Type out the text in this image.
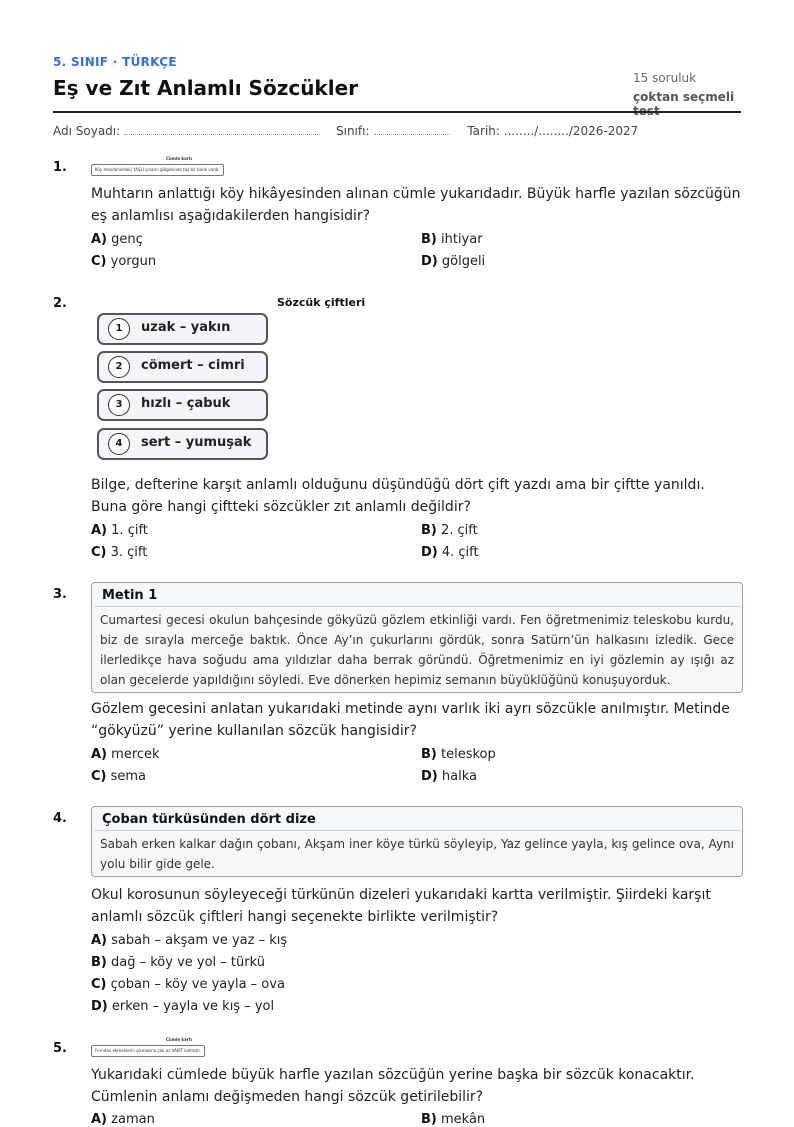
5. SINIF · TÜRKÇE
Eş ve Zıt Anlamlı Sözcükler	15 soruluk
çoktan seçmeli
Adı Soyadı:	Sınıfı:	Tarih: ......../......../2026-2027
1.
Cümle kartı
Köy meydanındaki YAŞLI çınarın gölgesinde taş bir bank vardı.
Muhtarın anlattığı köy hikâyesinden alınan cümle yukarıdadır. Büyük harfle yazılan sözcüğün eş anlamlısı aşağıdakilerden hangisidir?
A) genç	B) ihtiyar
C) yorgun	D) gölgeli
2.	Sözcük çiftleri
1	uzak – yakın
2	cömert – cimri
3	hızlı – çabuk
4	sert – yumuşak
Bilge, defterine karşıt anlamlı olduğunu düşündüğü dört çift yazdı ama bir çiftte yanıldı. Buna göre hangi çiftteki sözcükler zıt anlamlı değildir?
A) 1. çift	B) 2. çift
C) 3. çift	D) 4. çift
3.	Metin 1
Cumartesi gecesi okulun bahçesinde gökyüzü gözlem etkinliği vardı. Fen öğretmenimiz teleskobu kurdu, biz de sırayla merceğe baktık. Önce Ay’ın çukurlarını gördük, sonra Satürn’ün halkasını izledik. Gece ilerledikçe hava soğudu ama yıldızlar daha berrak göründü. Öğretmenimiz en iyi gözlemin ay ışığı az olan gecelerde yapıldığını söyledi. Eve dönerken hepimiz semanın büyüklüğünü konuşuyorduk.
Gözlem gecesini anlatan yukarıdaki metinde aynı varlık iki ayrı sözcükle anılmıştır. Metinde “gökyüzü” yerine kullanılan sözcük hangisidir?
A) mercek	B) teleskop
C) sema	D) halka
4.	Çoban türküsünden dört dize
Sabah erken kalkar dağın çobanı, Akşam iner köye türkü söyleyip, Yaz gelince yayla, kış gelince ova, Aynı yolu bilir gide gele.
Okul korosunun söyleyeceği türkünün dizeleri yukarıdaki kartta verilmiştir. Şiirdeki karşıt anlamlı sözcük çiftleri hangi seçenekte birlikte verilmiştir?
A) sabah – akşam ve yaz – kış
B) dağ – köy ve yol – türkü
C) çoban – köy ve yayla – ova
D) erken – yayla ve kış – yol
5.
Cümle kartı
Fırından ekmeklerin çıkmasına çok az VAKİT kalmıştı.
Yukarıdaki cümlede büyük harfle yazılan sözcüğün yerine başka bir sözcük konacaktır. Cümlenin anlamı değişmeden hangi sözcük getirilebilir?
A) zaman	B) mekân
